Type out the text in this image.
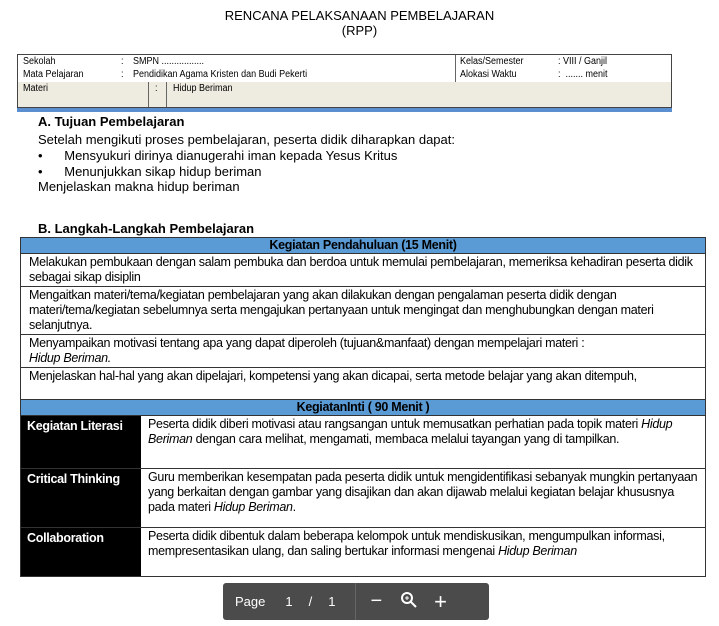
RENCANA PELAKSANAAN PEMBELAJARAN
(RPP)
Sekolah	: SMPN .................
Mata Pelajaran	: Pendidikan Agama Kristen dan Budi Pekerti
Kelas/Semester	: VIII / Ganjil
Alokasi Waktu	:  ....... menit
Materi	: Hidup Beriman
A. Tujuan Pembelajaran
Setelah mengikuti proses pembelajaran, peserta didik diharapkan dapat:
•      Mensyukuri dirinya dianugerahi iman kepada Yesus Kritus
•      Menunjukkan sikap hidup beriman
Menjelaskan makna hidup beriman
B. Langkah-Langkah Pembelajaran
Kegiatan Pendahuluan (15 Menit)
Melakukan pembukaan dengan salam pembuka dan berdoa untuk memulai pembelajaran, memeriksa kehadiran peserta didik sebagai sikap disiplin
Mengaitkan materi/tema/kegiatan pembelajaran yang akan dilakukan dengan pengalaman peserta didik dengan materi/tema/kegiatan sebelumnya serta mengajukan pertanyaan untuk mengingat dan menghubungkan dengan materi selanjutnya.
Menyampaikan motivasi tentang apa yang dapat diperoleh (tujuan&manfaat) dengan mempelajari materi :
Hidup Beriman.
Menjelaskan hal-hal yang akan dipelajari, kompetensi yang akan dicapai, serta metode belajar yang akan ditempuh,
KegiatanInti ( 90 Menit )
Kegiatan Literasi	Peserta didik diberi motivasi atau rangsangan untuk memusatkan perhatian pada topik materi Hidup Beriman dengan cara melihat, mengamati, membaca melalui tayangan yang di tampilkan.
Critical Thinking	Guru memberikan kesempatan pada peserta didik untuk mengidentifikasi sebanyak mungkin pertanyaan yang berkaitan dengan gambar yang disajikan dan akan dijawab melalui kegiatan belajar khususnya pada materi Hidup Beriman.
Collaboration	Peserta didik dibentuk dalam beberapa kelompok untuk mendiskusikan, mengumpulkan informasi, mempresentasikan ulang, dan saling bertukar informasi mengenai Hidup Beriman
Page 1 / 1 − +
